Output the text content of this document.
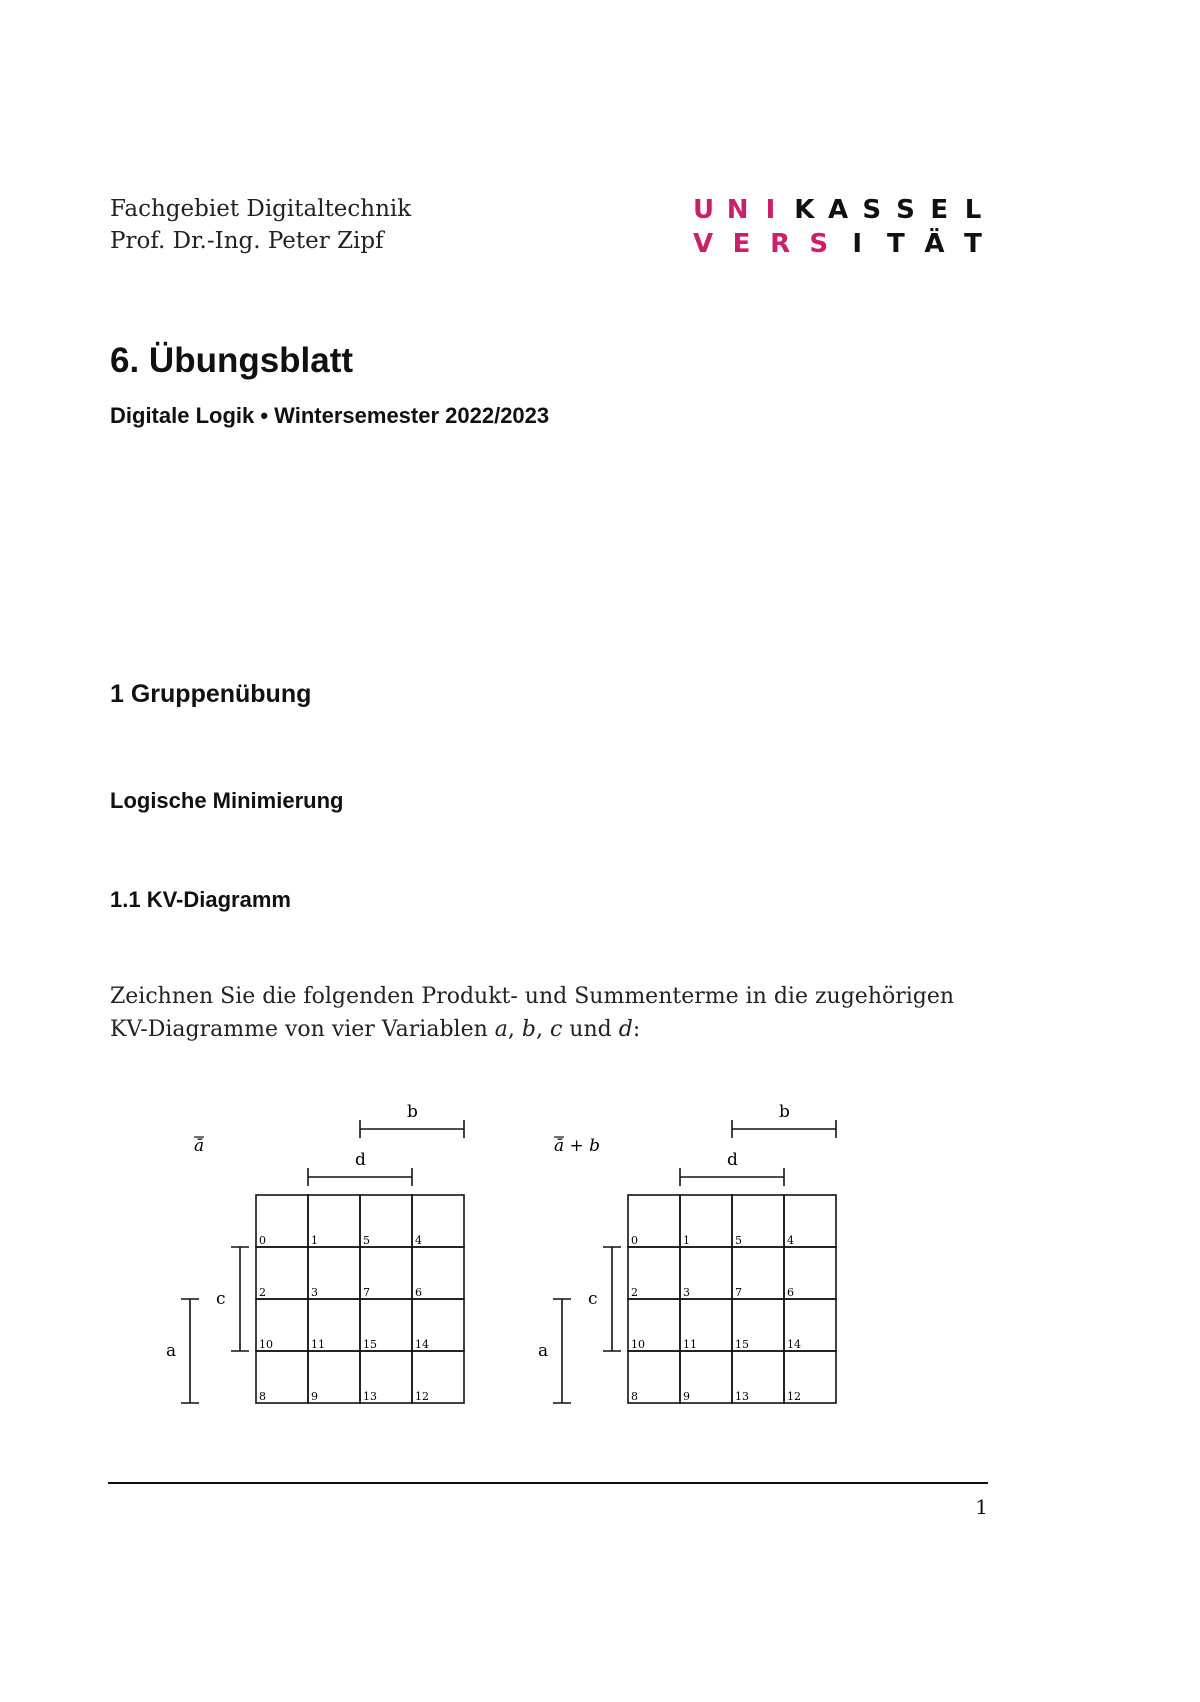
Fachgebiet Digitaltechnik
Prof. Dr.-Ing. Peter Zipf
U N I K A S S E L
V E R S I T Ä T
6. Übungsblatt
Digitale Logik • Wintersemester 2022/2023
1 Gruppenübung
Logische Minimierung
1.1 KV-Diagramm
Zeichnen Sie die folgenden Produkt- und Summenterme in die zugehörigen
KV-Diagramme von vier Variablen a, b, c und d:
ā
0	1	5	4
2	3	7	6
10	11	15	14
8	9	13	12
b
d
c
a
ā + b
0	1	5	4
2	3	7	6
10	11	15	14
8	9	13	12
b
d
c
a
1
